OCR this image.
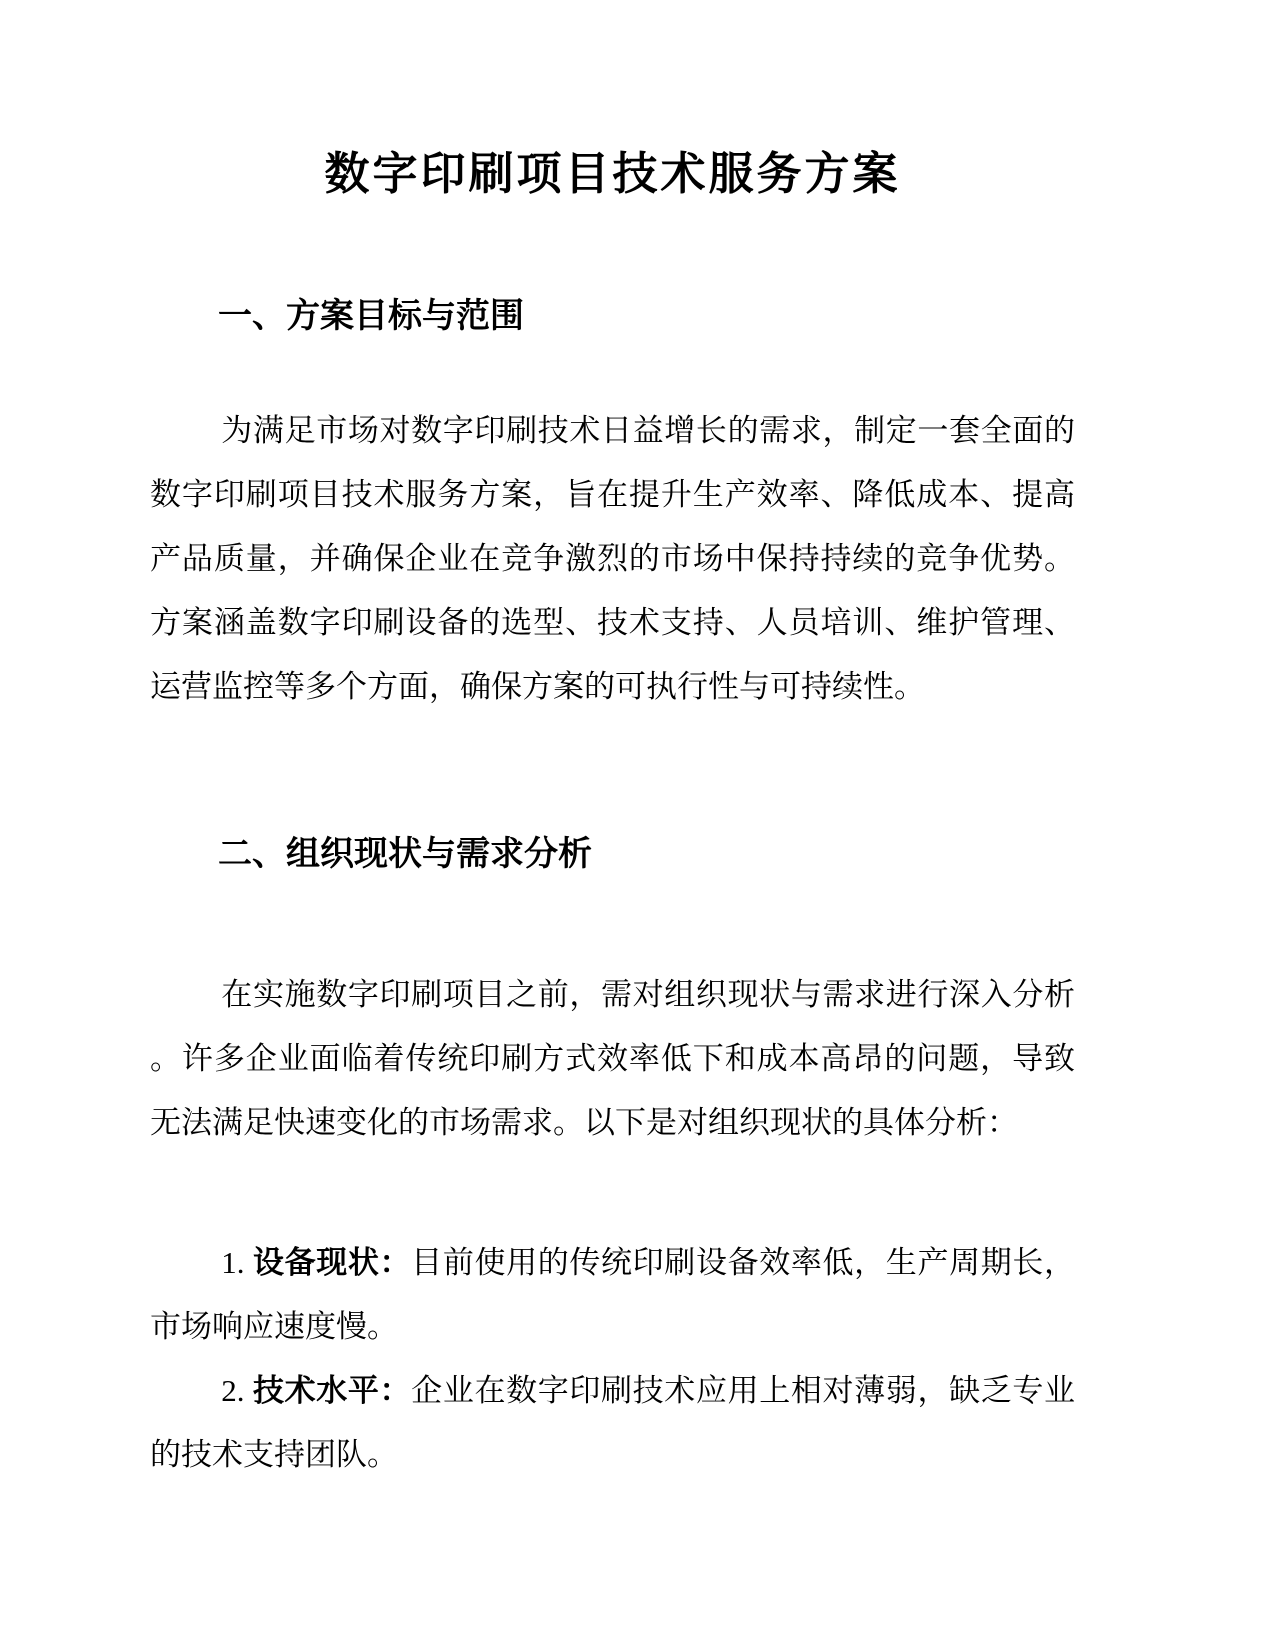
数字印刷项目技术服务方案
一、方案目标与范围
为满足市场对数字印刷技术日益增长的需求，制定一套全面的
数字印刷项目技术服务方案，旨在提升生产效率、降低成本、提高
产品质量，并确保企业在竞争激烈的市场中保持持续的竞争优势。
方案涵盖数字印刷设备的选型、技术支持、人员培训、维护管理、
运营监控等多个方面，确保方案的可执行性与可持续性。
二、组织现状与需求分析
在实施数字印刷项目之前，需对组织现状与需求进行深入分析
。许多企业面临着传统印刷方式效率低下和成本高昂的问题，导致
无法满足快速变化的市场需求。以下是对组织现状的具体分析：
1. 设备现状：目前使用的传统印刷设备效率低，生产周期长，
市场响应速度慢。
2. 技术水平：企业在数字印刷技术应用上相对薄弱，缺乏专业
的技术支持团队。
